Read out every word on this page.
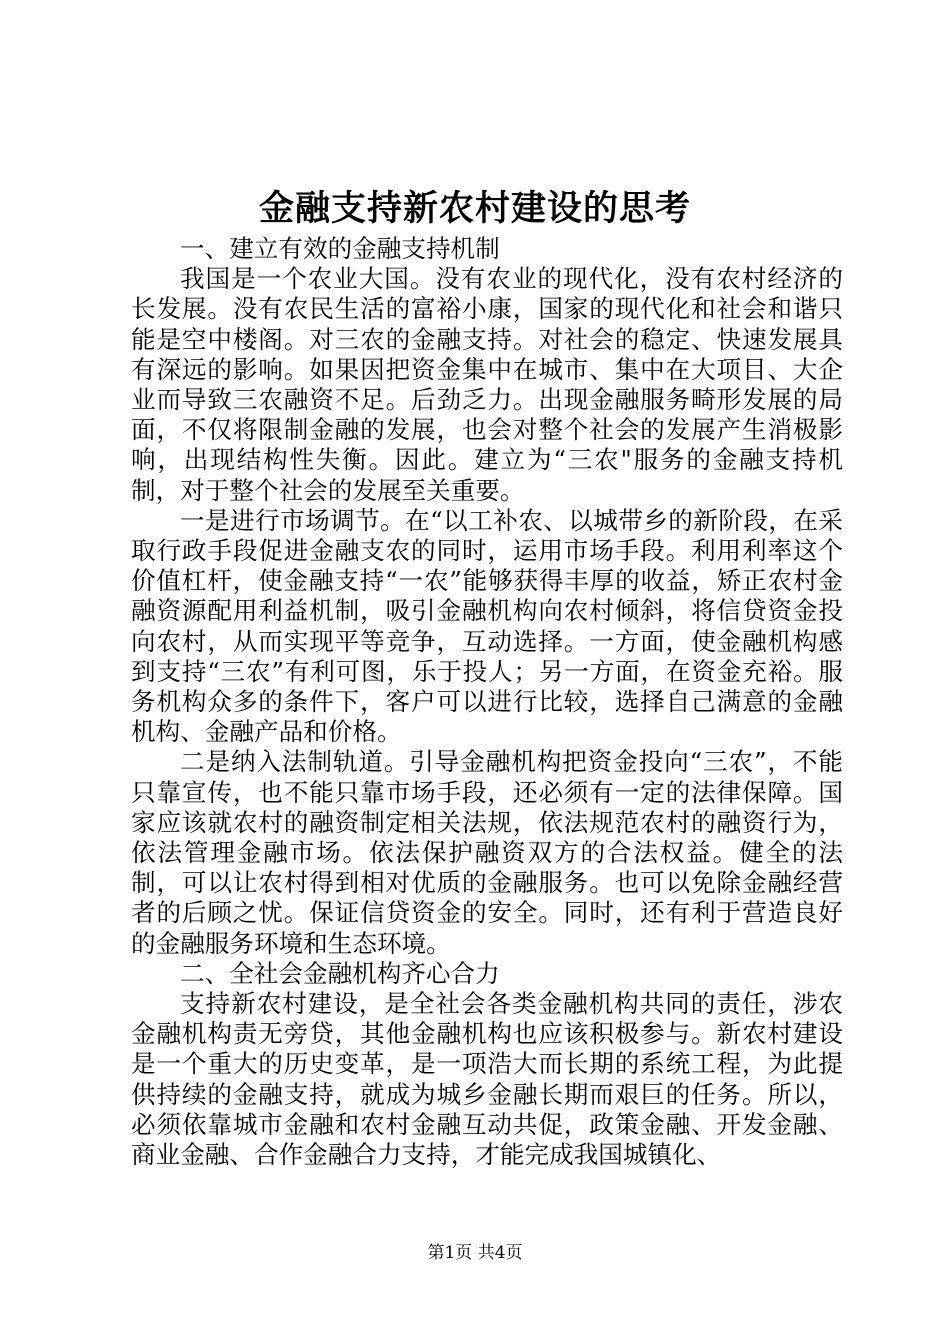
金融支持新农村建设的思考

一、建立有效的金融支持机制

我国是一个农业大国。没有农业的现代化，没有农村经济的长发展。没有农民生活的富裕小康，国家的现代化和社会和谐只能是空中楼阁。对三农的金融支持。对社会的稳定、快速发展具有深远的影响。如果因把资金集中在城市、集中在大项目、大企业而导致三农融资不足。后劲乏力。出现金融服务畸形发展的局面，不仅将限制金融的发展，也会对整个社会的发展产生消极影响，出现结构性失衡。因此。建立为“三农"服务的金融支持机制，对于整个社会的发展至关重要。

一是进行市场调节。在“以工补农、以城带乡的新阶段，在采取行政手段促进金融支农的同时，运用市场手段。利用利率这个价值杠杆，使金融支持“一农”能够获得丰厚的收益，矫正农村金融资源配用利益机制，吸引金融机构向农村倾斜，将信贷资金投向农村，从而实现平等竞争，互动选择。一方面，使金融机构感到支持“三农”有利可图，乐于投人；另一方面，在资金充裕。服务机构众多的条件下，客户可以进行比较，选择自己满意的金融机构、金融产品和价格。

二是纳入法制轨道。引导金融机构把资金投向“三农”，不能只靠宣传，也不能只靠市场手段，还必须有一定的法律保障。国家应该就农村的融资制定相关法规，依法规范农村的融资行为，依法管理金融市场。依法保护融资双方的合法权益。健全的法制，可以让农村得到相对优质的金融服务。也可以免除金融经营者的后顾之忧。保证信贷资金的安全。同时，还有利于营造良好的金融服务环境和生态环境。

二、全社会金融机构齐心合力

支持新农村建设，是全社会各类金融机构共同的责任，涉农金融机构责无旁贷，其他金融机构也应该积极参与。新农村建设是一个重大的历史变革，是一项浩大而长期的系统工程，为此提供持续的金融支持，就成为城乡金融长期而艰巨的任务。所以，必须依靠城市金融和农村金融互动共促，政策金融、开发金融、商业金融、合作金融合力支持，才能完成我国城镇化、

第1页 共4页
